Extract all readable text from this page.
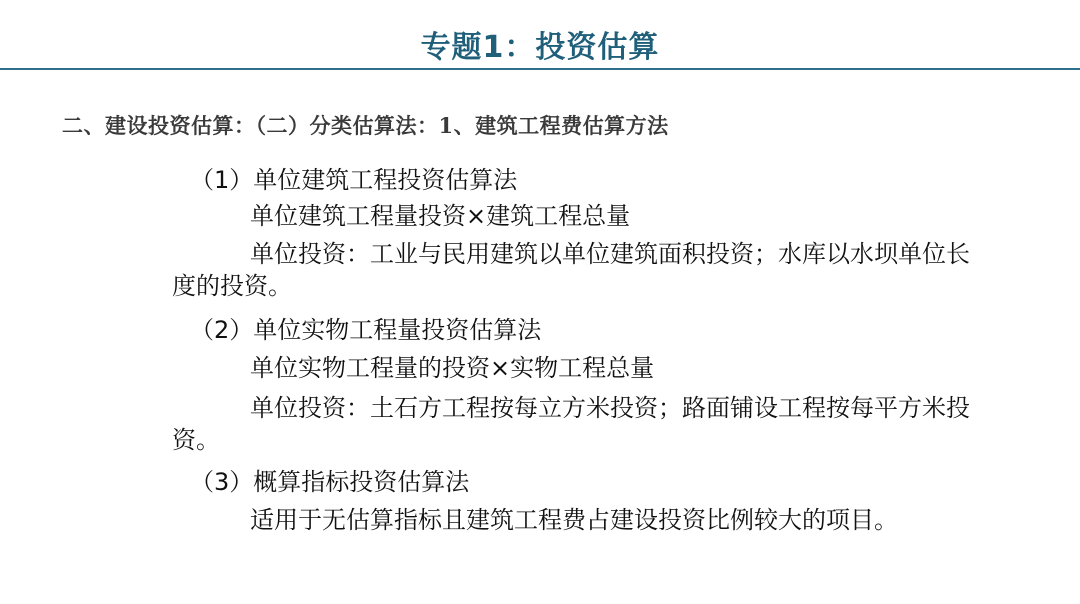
专题1：投资估算
二、建设投资估算：（二）分类估算法：1、建筑工程费估算方法

（1）单位建筑工程投资估算法

单位建筑工程量投资×建筑工程总量

单位投资：工业与民用建筑以单位建筑面积投资；水库以水坝单位长度的投资。

（2）单位实物工程量投资估算法

单位实物工程量的投资×实物工程总量

单位投资：土石方工程按每立方米投资；路面铺设工程按每平方米投资。

（3）概算指标投资估算法

适用于无估算指标且建筑工程费占建设投资比例较大的项目。
